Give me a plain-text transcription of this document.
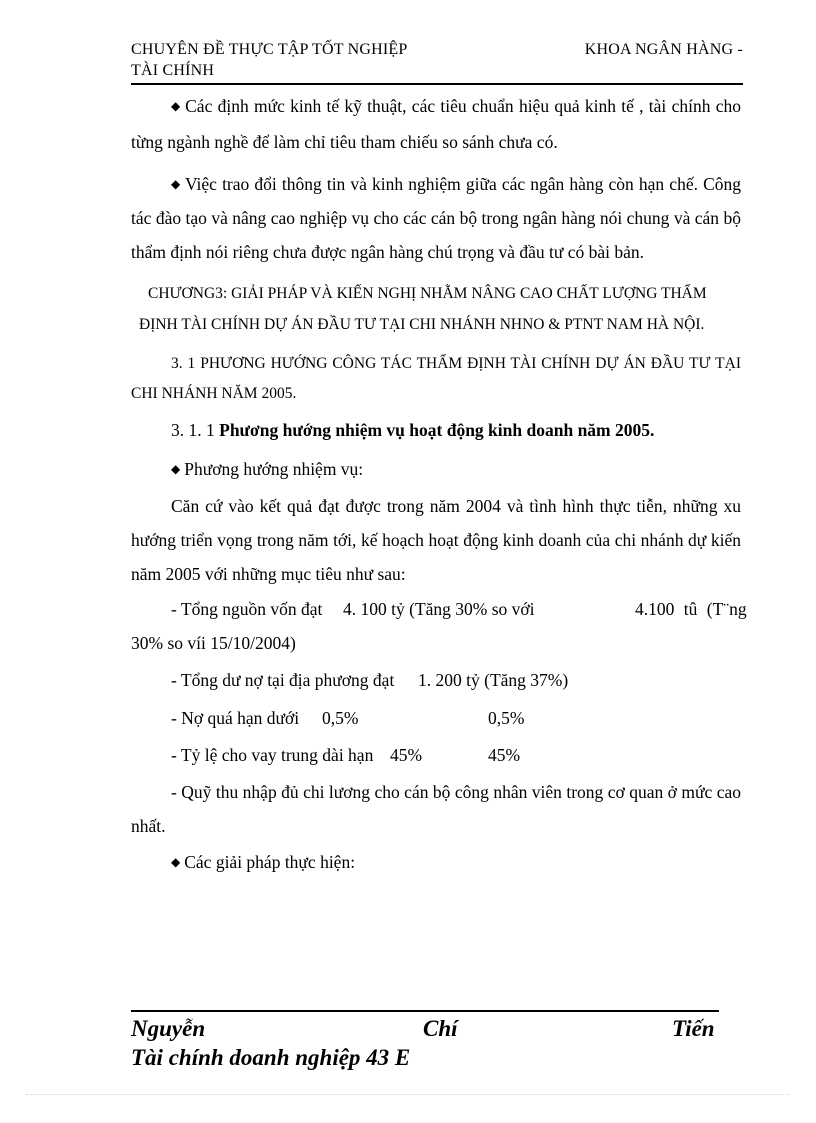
CHUYÊN ĐỀ THỰC TẬP TỐT NGHIỆP	KHOA NGÂN HÀNG -
TÀI CHÍNH
◆ Các định mức kinh tế kỹ thuật, các tiêu chuẩn hiệu quả kinh tế , tài chính cho
từng ngành nghề để làm chỉ tiêu tham chiếu so sánh chưa có.
◆ Việc trao đổi thông tin và kinh nghiệm giữa các ngân hàng còn hạn chế. Công
tác đào tạo và nâng cao nghiệp vụ cho các cán bộ trong ngân hàng nói chung và cán bộ
thẩm định nói riêng chưa được ngân hàng chú trọng và đầu tư có bài bản.
CHƯƠNG3: GIẢI PHÁP VÀ KIẾN NGHỊ NHẰM NÂNG CAO CHẤT LƯỢNG THẨM
ĐỊNH TÀI CHÍNH DỰ ÁN ĐẦU TƯ TẠI CHI NHÁNH NHNO & PTNT NAM HÀ NỘI.
3. 1 PHƯƠNG HƯỚNG CÔNG TÁC THẨM ĐỊNH TÀI CHÍNH DỰ ÁN ĐẦU TƯ TẠI
CHI NHÁNH NĂM 2005.
3. 1. 1 Phương hướng nhiệm vụ hoạt động kinh doanh năm 2005.
◆ Phương hướng nhiệm vụ:
Căn cứ vào kết quả đạt được trong năm 2004 và tình hình thực tiễn, những xu
hướng triển vọng trong năm tới, kế hoạch hoạt động kinh doanh của chi nhánh dự kiến
năm 2005 với những mục tiêu như sau:
- Tổng nguồn vốn đạt 4. 100 tỷ (Tăng 30% so với	4.100 tû (T¨ng
30% so víi 15/10/2004)
- Tổng dư nợ tại địa phương đạt 1. 200 tỷ (Tăng 37%)
- Nợ quá hạn dưới 0,5%	0,5%
- Tỷ lệ cho vay trung dài hạn 45%	45%
- Quỹ thu nhập đủ chi lương cho cán bộ công nhân viên trong cơ quan ở mức cao
nhất.
◆ Các giải pháp thực hiện:
Nguyễn	Chí	Tiến
Tài chính doanh nghiệp 43 E
